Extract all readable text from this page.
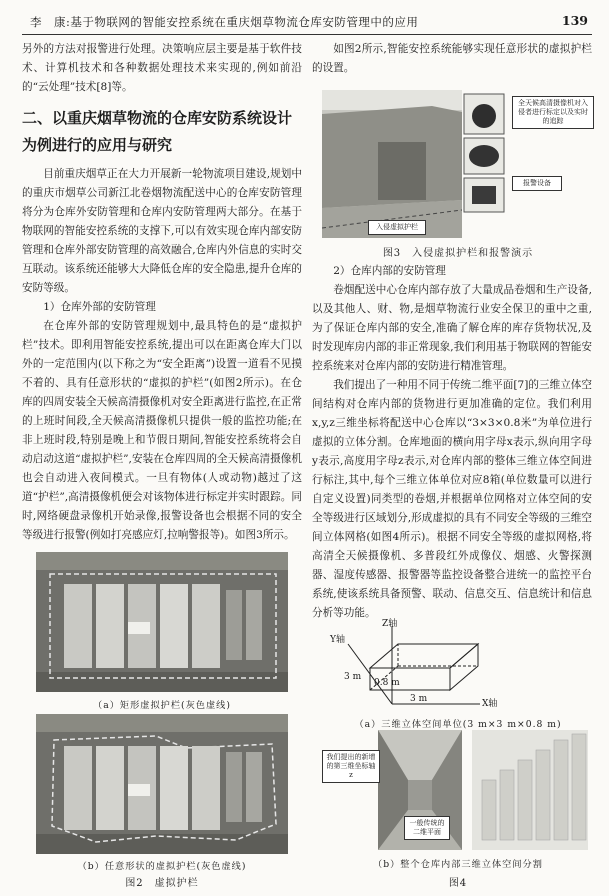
李　康:基于物联网的智能安控系统在重庆烟草物流仓库安防管理中的应用	139

另外的方法对报警进行处理。决策响应层主要是基于软件技术、计算机技术和各种数据处理技术来实现的,例如前沿的“云处理”技术[8]等。

二、以重庆烟草物流的仓库安防系统设计为例进行的应用与研究

目前重庆烟草正在大力开展新一轮物流项目建设,规划中的重庆市烟草公司新江北卷烟物流配送中心的仓库安防管理将分为仓库外安防管理和仓库内安防管理两大部分。在基于物联网的智能安控系统的支撑下,可以有效实现仓库内部安防管理和仓库外部安防管理的高效融合,仓库内外信息的实时交互联动。该系统还能够大大降低仓库的安全隐患,提升仓库的安防等级。

1）仓库外部的安防管理

在仓库外部的安防管理规划中,最具特色的是“虚拟护栏”技术。即利用智能安控系统,提出可以在距离仓库大门以外的一定范围内(以下称之为“安全距离”)设置一道看不见摸不着的、具有任意形状的“虚拟的护栏”(如图2所示)。在仓库的四周安装全天候高清摄像机对安全距离进行监控,在正常的上班时间段,全天候高清摄像机只提供一般的监控功能;在非上班时段,特别是晚上和节假日期间,智能安控系统将会自动启动这道“虚拟护栏”,安装在仓库四周的全天候高清摄像机也会自动进入夜间模式。一旦有物体(人或动物)越过了这道“护栏”,高清摄像机便会对该物体进行标定并实时跟踪。同时,网络硬盘录像机开始录像,报警设备也会根据不同的安全等级进行报警(例如打亮感应灯,拉响警报等)。如图3所示。

（a）矩形虚拟护栏(灰色虚线)
（b）任意形状的虚拟护栏(灰色虚线)
图2　虚拟护栏

如图2所示,智能安控系统能够实现任意形状的虚拟护栏的设置。

全天候高清摄像机对入侵者进行标定以及实时的追踪
报警设备
入侵虚拟护栏
图3　入侵虚拟护栏和报警演示

2）仓库内部的安防管理

卷烟配送中心仓库内部存放了大量成品卷烟和生产设备,以及其他人、财、物,是烟草物流行业安全保卫的重中之重,为了保证仓库内部的安全,准确了解仓库的库存货物状况,及时发现库房内部的非正常现象,我们利用基于物联网的智能安控系统来对仓库内部的安防进行精准管理。

我们提出了一种用不同于传统二维平面[7]的三维立体空间结构对仓库内部的货物进行更加准确的定位。我们利用x,y,z三维坐标将配送中心仓库以“3×3×0.8米”为单位进行虚拟的立体分割。仓库地面的横向用字母x表示,纵向用字母y表示,高度用字母z表示,对仓库内部的整体三维立体空间进行标注,其中,每个三维立体单位对应8箱(单位数量可以进行自定义设置)同类型的卷烟,并根据单位网格对立体空间的安全等级进行区域划分,形成虚拟的具有不同安全等级的三维空间立体网格(如图4所示)。根据不同安全等级的虚拟网格,将高清全天候摄像机、多普段红外成像仪、烟感、火警探测器、湿度传感器、报警器等监控设备整合进统一的监控平台系统,使该系统具备预警、联动、信息交互、信息统计和信息分析等功能。

Z轴
Y轴
X轴
3 m
0.8 m
3 m
（a）三维立体空间单位(3 m×3 m×0.8 m)
我们提出的新增的第三维坐标轴z
一般传统的二维平面
（b）整个仓库内部三维立体空间分割
图4
